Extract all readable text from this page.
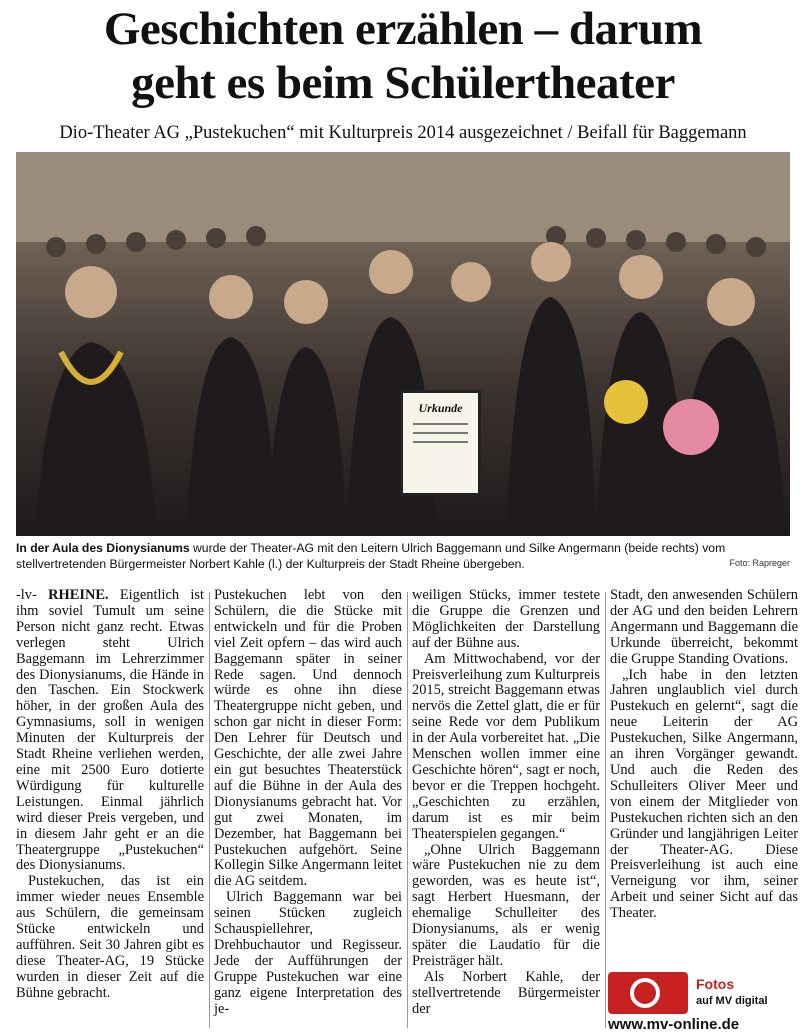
Geschichten erzählen – darum
geht es beim Schülertheater
Dio-Theater AG „Pustekuchen“ mit Kulturpreis 2014 ausgezeichnet / Beifall für Baggemann
Urkunde
In der Aula des Dionysianums wurde der Theater-AG mit den Leitern Ulrich Baggemann und Silke Angermann (beide rechts) vom stellvertretenden Bürgermeister Norbert Kahle (l.) der Kulturpreis der Stadt Rheine übergeben.	Foto: Rapreger

-lv- RHEINE. Eigentlich ist ihm soviel Tumult um seine Person nicht ganz recht. Etwas verlegen steht Ulrich Baggemann im Lehrerzimmer des Dionysianums, die Hände in den Taschen. Ein Stockwerk höher, in der großen Aula des Gymnasiums, soll in wenigen Minuten der Kulturpreis der Stadt Rheine verliehen werden, eine mit 2500 Euro dotierte Würdigung für kulturelle Leistungen. Einmal jährlich wird dieser Preis vergeben, und in diesem Jahr geht er an die Theatergruppe „Pustekuchen“ des Dionysianums.

Pustekuchen, das ist ein immer wieder neues Ensemble aus Schülern, die gemeinsam Stücke entwickeln und aufführen. Seit 30 Jahren gibt es diese Theater-AG, 19 Stücke wurden in dieser Zeit auf die Bühne gebracht.

Pustekuchen lebt von den Schülern, die die Stücke mit entwickeln und für die Proben viel Zeit opfern – das wird auch Baggemann später in seiner Rede sagen. Und dennoch würde es ohne ihn diese Theatergruppe nicht geben, und schon gar nicht in dieser Form: Den Lehrer für Deutsch und Geschichte, der alle zwei Jahre ein gut besuchtes Theaterstück auf die Bühne in der Aula des Dionysianums gebracht hat. Vor gut zwei Monaten, im Dezember, hat Baggemann bei Pustekuchen aufgehört. Seine Kollegin Silke Angermann leitet die AG seitdem.

Ulrich Baggemann war bei seinen Stücken zugleich Schauspiellehrer, Drehbuchautor und Regisseur. Jede der Aufführungen der Gruppe Pustekuchen war eine ganz eigene Interpretation des je-

weiligen Stücks, immer testete die Gruppe die Grenzen und Möglichkeiten der Darstellung auf der Bühne aus.

Am Mittwochabend, vor der Preisverleihung zum Kulturpreis 2015, streicht Baggemann etwas nervös die Zettel glatt, die er für seine Rede vor dem Publikum in der Aula vorbereitet hat. „Die Menschen wollen immer eine Geschichte hören“, sagt er noch, bevor er die Treppen hochgeht. „Geschichten zu erzählen, darum ist es mir beim Theaterspielen gegangen.“

„Ohne Ulrich Baggemann wäre Pustekuchen nie zu dem geworden, was es heute ist“, sagt Herbert Huesmann, der ehemalige Schulleiter des Dionysianums, als er wenig später die Laudatio für die Preisträger hält.

Als Norbert Kahle, der stellvertretende Bürgermeister der

Stadt, den anwesenden Schülern der AG und den beiden Lehrern Angermann und Baggemann die Urkunde überreicht, bekommt die Gruppe Standing Ovations.

„Ich habe in den letzten Jahren unglaublich viel durch Pustekuch en gelernt“, sagt die neue Leiterin der AG Pustekuchen, Silke Angermann, an ihren Vorgänger gewandt. Und auch die Reden des Schulleiters Oliver Meer und von einem der Mitglieder von Pustekuchen richten sich an den Gründer und langjährigen Leiter der Theater-AG. Diese Preisverleihung ist auch eine Verneigung vor ihm, seiner Arbeit und seiner Sicht auf das Theater.

Fotos
auf MV digital
www.mv-online.de
